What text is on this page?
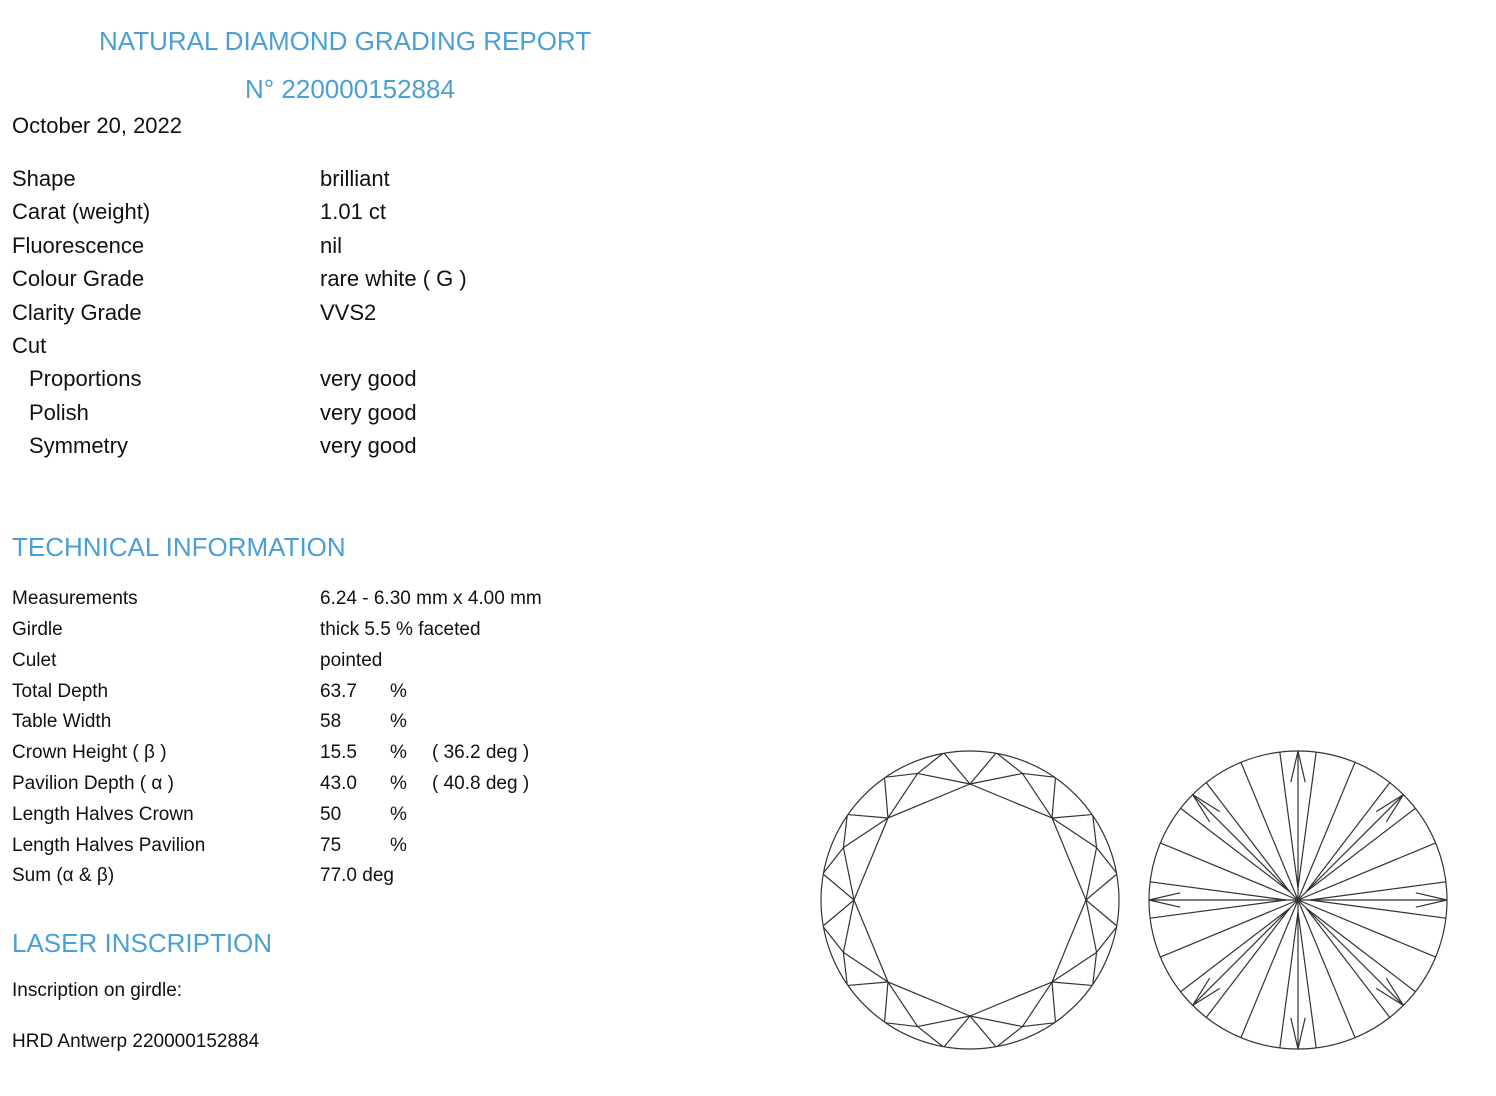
NATURAL DIAMOND GRADING REPORT
N° 220000152884
October 20, 2022
Shape	brilliant
Carat (weight)	1.01 ct
Fluorescence	nil
Colour Grade	rare white ( G )
Clarity Grade	VVS2
Cut
Proportions	very good
Polish	very good
Symmetry	very good
TECHNICAL INFORMATION
Measurements	6.24 - 6.30 mm x 4.00 mm
Girdle	thick 5.5 % faceted
Culet	pointed
Total Depth	63.7 %
Table Width	58	%
Crown Height ( β )	15.5 % ( 36.2 deg )
Pavilion Depth ( α )	43.0 % ( 40.8 deg )
Length Halves Crown	50	%
Length Halves Pavilion	75	%
Sum (α & β)	77.0 deg
LASER INSCRIPTION
Inscription on girdle:
HRD Antwerp 220000152884
